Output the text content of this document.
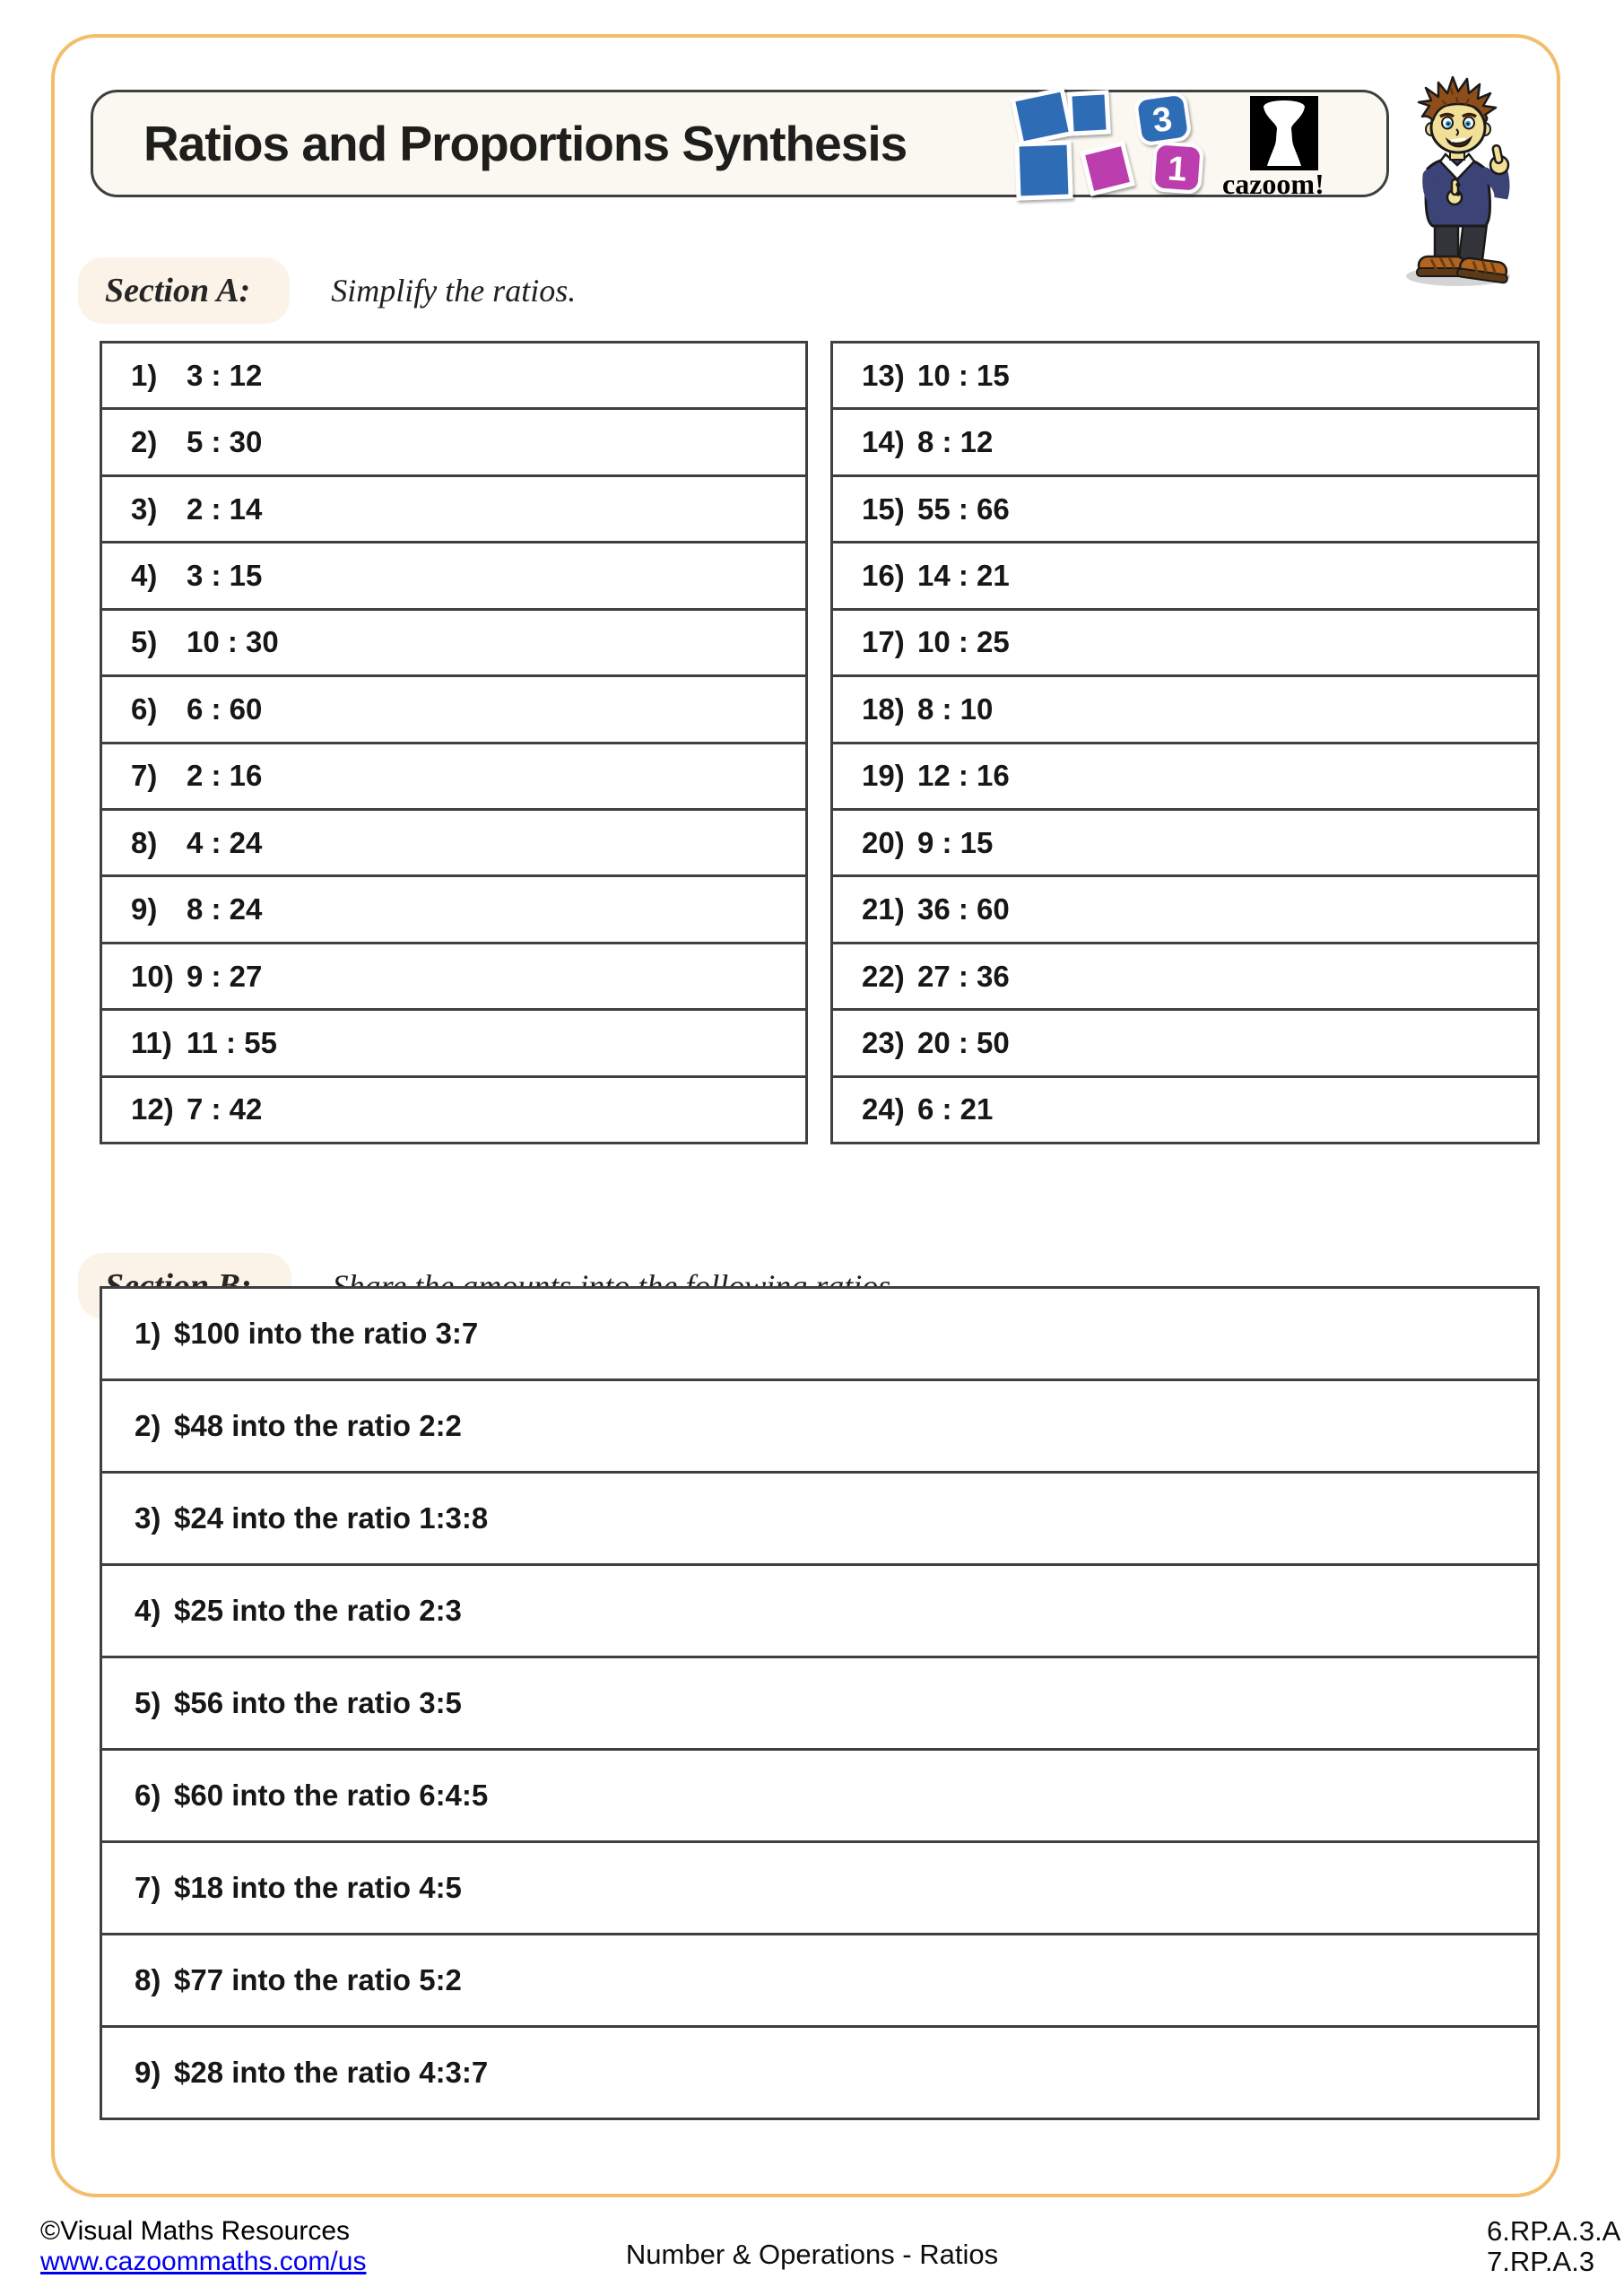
Ratios and Proportions Synthesis	3
1 cazoom!
Section A:	Simplify the ratios.
1) 3 : 12
2) 5 : 30
3) 2 : 14
4) 3 : 15
5) 10 : 30
6) 6 : 60
7) 2 : 16
8) 4 : 24
9) 8 : 24
10) 9 : 27
11) 11 : 55
12) 7 : 42
13) 10 : 15
14) 8 : 12
15) 55 : 66
16) 14 : 21
17) 10 : 25
18) 8 : 10
19) 12 : 16
20) 9 : 15
21) 36 : 60
22) 27 : 36
23) 20 : 50
24) 6 : 21
1) $100 into the ratio 3:7
2) $48 into the ratio 2:2
3) $24 into the ratio 1:3:8
4) $25 into the ratio 2:3
5) $56 into the ratio 3:5
6) $60 into the ratio 6:4:5
7) $18 into the ratio 4:5
8) $77 into the ratio 5:2
9) $28 into the ratio 4:3:7
©Visual Maths Resources
www.cazoommaths.com/us	Number & Operations - Ratios
6.RP.A.3.A
7.RP.A.3
